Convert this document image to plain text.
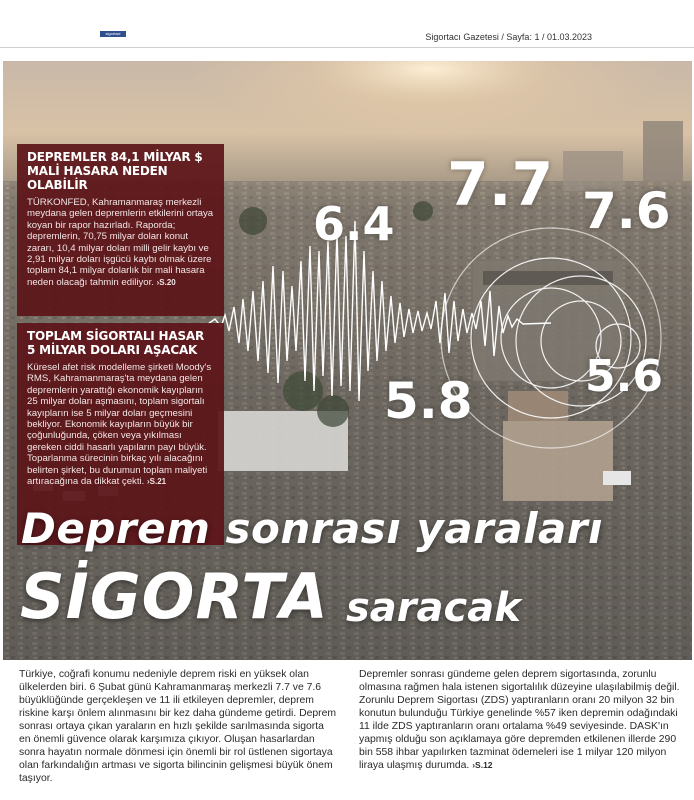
sigortaci	Sigortacı Gazetesi / Sayfa: 1 / 01.03.2023
DEPREMLER 84,1 MİLYAR $
MALİ HASARA NEDEN OLABİLİR
TÜRKONFED, Kahramanmaraş merkezli meydana gelen depremlerin etkilerini ortaya koyan bir rapor hazırladı. Raporda; depremlerin, 70,75 milyar doları konut zararı, 10,4 milyar doları milli gelir kaybı ve 2,91 milyar doları işgücü kaybı olmak üzere toplam 84,1 milyar dolarlık bir mali hasara neden olacağı tahmin ediliyor. ›S.20
TOPLAM SİGORTALI HASAR
5 MİLYAR DOLARI AŞACAK
Küresel afet risk modelleme şirketi Moody's RMS, Kahramanmaraş'ta meydana gelen depremlerin yarattığı ekonomik kayıpların 25 milyar doları aşmasını, toplam sigortalı kayıpların ise 5 milyar doları geçmesini bekliyor. Ekonomik kayıpların büyük bir çoğunluğunda, çöken veya yıkılması gereken ciddi hasarlı yapıların payı büyük. Toparlanma sürecinin birkaç yılı alacağını belirten şirket, bu durumun toplam maliyeti artıracağına da dikkat çekti. ›S.21
6.4
7.7 7.6
5.8	5.6
Deprem sonrası yaraları
SİGORTA saracak
Türkiye, coğrafi konumu nedeniyle deprem riski en yüksek olan ülkelerden biri. 6 Şubat günü Kahramanmaraş merkezli 7.7 ve 7.6 büyüklüğünde gerçekleşen ve 11 ili etkileyen depremler, deprem riskine karşı önlem alınmasını bir kez daha gündeme getirdi. Deprem sonrası ortaya çıkan yaraların en hızlı şekilde sarılmasında sigorta en önemli güvence olarak karşımıza çıkıyor. Oluşan hasarlardan sonra hayatın normale dönmesi için önemli bir rol üstlenen sigortaya olan farkındalığın artması ve sigorta bilincinin gelişmesi büyük önem taşıyor.
Depremler sonrası gündeme gelen deprem sigortasında, zorunlu olmasına rağmen hala istenen sigortalılık düzeyine ulaşılabilmiş değil. Zorunlu Deprem Sigortası (ZDS) yaptıranların oranı 20 milyon 32 bin konutun bulunduğu Türkiye genelinde %57 iken depremin odağındaki 11 ilde ZDS yaptıranların oranı ortalama %49 seviyesinde. DASK'ın yapmış olduğu son açıklamaya göre depremden etkilenen illerde 290 bin 558 ihbar yapılırken tazminat ödemeleri ise 1 milyar 120 milyon liraya ulaşmış durumda. ›S.12
